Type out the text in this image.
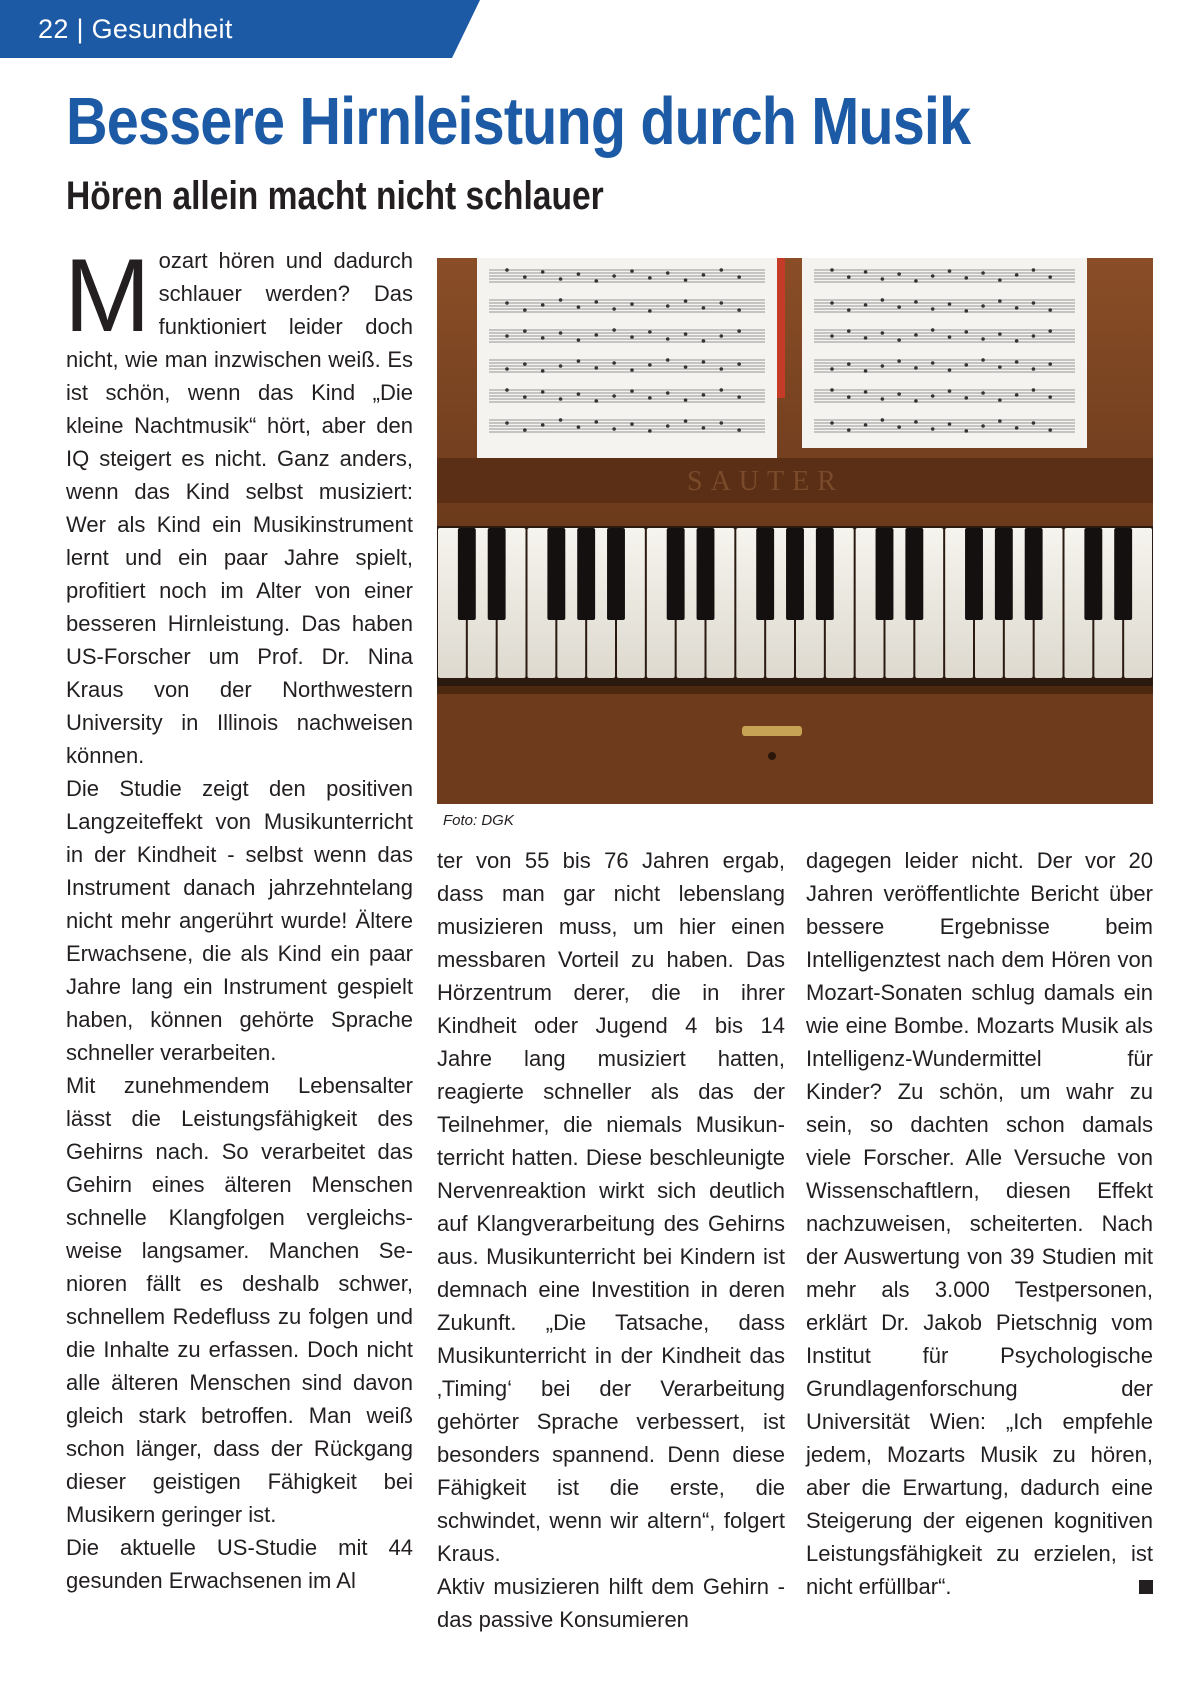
22 | Gesundheit
Bessere Hirnleistung durch Musik
Hören allein macht nicht schlauer

Mozart hören und dadurch schlauer werden? Das funktioniert leider doch nicht, wie man inzwischen weiß. Es ist schön, wenn das Kind „Die kleine Nachtmusik“ hört, aber den IQ steigert es nicht. Ganz anders, wenn das Kind selbst musiziert: Wer als Kind ein Musikinstrument lernt und ein paar Jahre spielt, profitiert noch im Alter von einer besseren Hirnleistung. Das haben US-Forscher um Prof. Dr. Nina Kraus von der Northwestern University in Illinois nachweisen können.

Die Studie zeigt den positiven Langzeiteffekt von Musikunterricht in der Kindheit - selbst wenn das Instrument danach jahrzehntelang nicht mehr angerührt wurde! Ältere Erwachsene, die als Kind ein paar Jahre lang ein Instrument gespielt haben, können gehörte Sprache schneller verarbeiten.

Mit zunehmendem Lebensalter lässt die Leistungsfähigkeit des Gehirns nach. So verarbeitet das Gehirn eines älteren Menschen schnelle Klangfolgen vergleichsweise langsamer. Manchen Senioren fällt es deshalb schwer, schnellem Redefluss zu folgen und die Inhalte zu erfassen. Doch nicht alle älteren Menschen sind davon gleich stark betroffen. Man weiß schon länger, dass der Rückgang dieser geistigen Fähigkeit bei Musikern geringer ist.

Die aktuelle US-Studie mit 44 gesunden Erwachsenen im Al

SAUTER
Foto: DGK

ter von 55 bis 76 Jahren ergab, dass man gar nicht lebenslang musizieren muss, um hier einen messbaren Vorteil zu haben. Das Hörzentrum derer, die in ihrer Kindheit oder Jugend 4 bis 14 Jahre lang musiziert hatten, reagierte schneller als das der Teilnehmer, die niemals Musikunterricht hatten. Diese beschleunigte Nervenreaktion wirkt sich deutlich auf Klangverarbeitung des Gehirns aus. Musikunterricht bei Kindern ist demnach eine Investition in deren Zukunft. „Die Tatsache, dass Musikunterricht in der Kindheit das ‚Timing‘ bei der Verarbeitung gehörter Sprache verbessert, ist besonders spannend. Denn diese Fähigkeit ist die erste, die schwindet, wenn wir altern“, folgert Kraus.

Aktiv musizieren hilft dem Gehirn - das passive Konsumieren

dagegen leider nicht. Der vor 20 Jahren veröffentlichte Bericht über bessere Ergebnisse beim Intelligenztest nach dem Hören von Mozart-Sonaten schlug damals ein wie eine Bombe. Mozarts Musik als Intelligenz-Wundermittel für Kinder? Zu schön, um wahr zu sein, so dachten schon damals viele Forscher. Alle Versuche von Wissenschaftlern, diesen Effekt nachzuweisen, scheiterten. Nach der Auswertung von 39 Studien mit mehr als 3.000 Testpersonen, erklärt Dr. Jakob Pietschnig vom Institut für Psychologische Grundlagenforschung der Universität Wien: „Ich empfehle jedem, Mozarts Musik zu hören, aber die Erwartung, dadurch eine Steigerung der eigenen kognitiven Leistungsfähigkeit zu erzielen, ist nicht erfüllbar“.
